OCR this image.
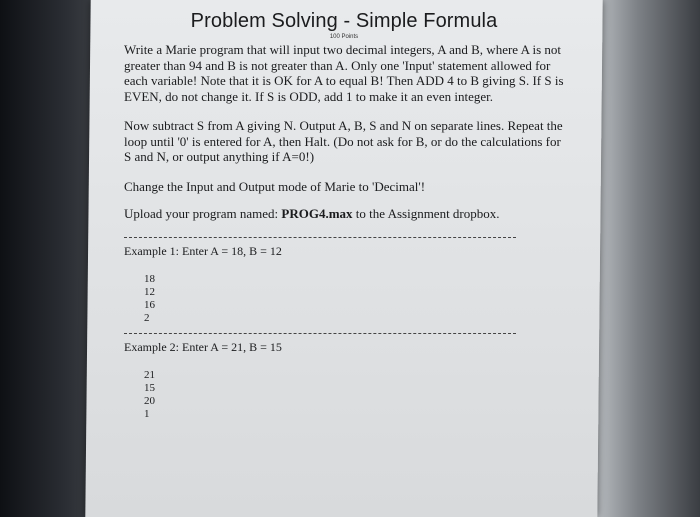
Problem Solving - Simple Formula
100 Points

Write a Marie program that will input two decimal integers, A and B, where A is not greater than 94 and B is not greater than A. Only one 'Input' statement allowed for each variable! Note that it is OK for A to equal B! Then ADD 4 to B giving S. If S is EVEN, do not change it. If S is ODD, add 1 to make it an even integer.

Now subtract S from A giving N. Output A, B, S and N on separate lines. Repeat the loop until '0' is entered for A, then Halt. (Do not ask for B, or do the calculations for S and N, or output anything if A=0!)

Change the Input and Output mode of Marie to 'Decimal'!

Upload your program named: PROG4.max to the Assignment dropbox.

Example 1: Enter A = 18, B = 12
18
12
16
2
Example 2: Enter A = 21, B = 15
21
15
20
1
